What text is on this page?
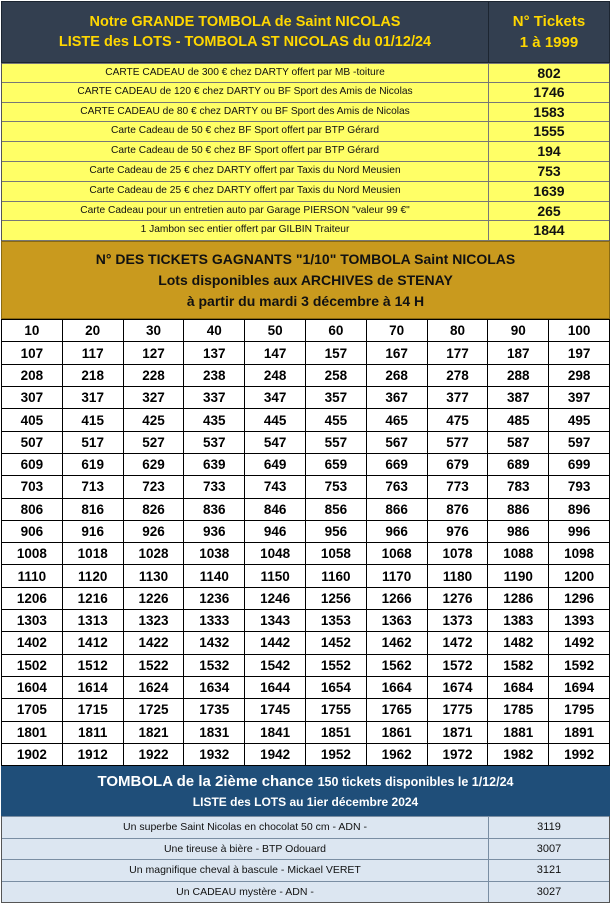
Notre GRANDE TOMBOLA de Saint NICOLAS
LISTE des LOTS - TOMBOLA ST NICOLAS du 01/12/24
N° Tickets
1 à 1999
CARTE CADEAU de 300 € chez DARTY offert par MB -toiture	802
CARTE CADEAU de 120 € chez DARTY ou BF Sport des Amis de Nicolas	1746
CARTE CADEAU de 80 € chez DARTY ou BF Sport des Amis de Nicolas	1583
Carte Cadeau de 50 € chez BF Sport offert par BTP Gérard	1555
Carte Cadeau de 50 € chez BF Sport offert par BTP Gérard	194
Carte Cadeau de 25 € chez DARTY offert par Taxis du Nord Meusien	753
Carte Cadeau de 25 € chez DARTY offert par Taxis du Nord Meusien	1639
Carte Cadeau pour un entretien auto par Garage PIERSON "valeur 99 €"	265
1 Jambon sec entier offert par GILBIN Traiteur	1844
N° DES TICKETS GAGNANTS "1/10" TOMBOLA Saint NICOLAS
Lots disponibles aux ARCHIVES de STENAY
à partir du mardi 3 décembre à 14 H
10	20	30	40	50	60	70	80	90	100
107	117	127	137	147	157	167	177	187	197
208	218	228	238	248	258	268	278	288	298
307	317	327	337	347	357	367	377	387	397
405	415	425	435	445	455	465	475	485	495
507	517	527	537	547	557	567	577	587	597
609	619	629	639	649	659	669	679	689	699
703	713	723	733	743	753	763	773	783	793
806	816	826	836	846	856	866	876	886	896
906	916	926	936	946	956	966	976	986	996
1008	1018	1028	1038	1048	1058	1068	1078	1088	1098
1110	1120	1130	1140	1150	1160	1170	1180	1190	1200
1206	1216	1226	1236	1246	1256	1266	1276	1286	1296
1303	1313	1323	1333	1343	1353	1363	1373	1383	1393
1402	1412	1422	1432	1442	1452	1462	1472	1482	1492
1502	1512	1522	1532	1542	1552	1562	1572	1582	1592
1604	1614	1624	1634	1644	1654	1664	1674	1684	1694
1705	1715	1725	1735	1745	1755	1765	1775	1785	1795
1801	1811	1821	1831	1841	1851	1861	1871	1881	1891
1902	1912	1922	1932	1942	1952	1962	1972	1982	1992
TOMBOLA de la 2ième chance 150 tickets disponibles le 1/12/24
LISTE des LOTS au 1ier décembre 2024
Un superbe Saint Nicolas en chocolat 50 cm - ADN -	3119
Une tireuse à bière - BTP Odouard	3007
Un magnifique cheval à bascule - Mickael VERET	3121
Un CADEAU mystère - ADN -	3027
